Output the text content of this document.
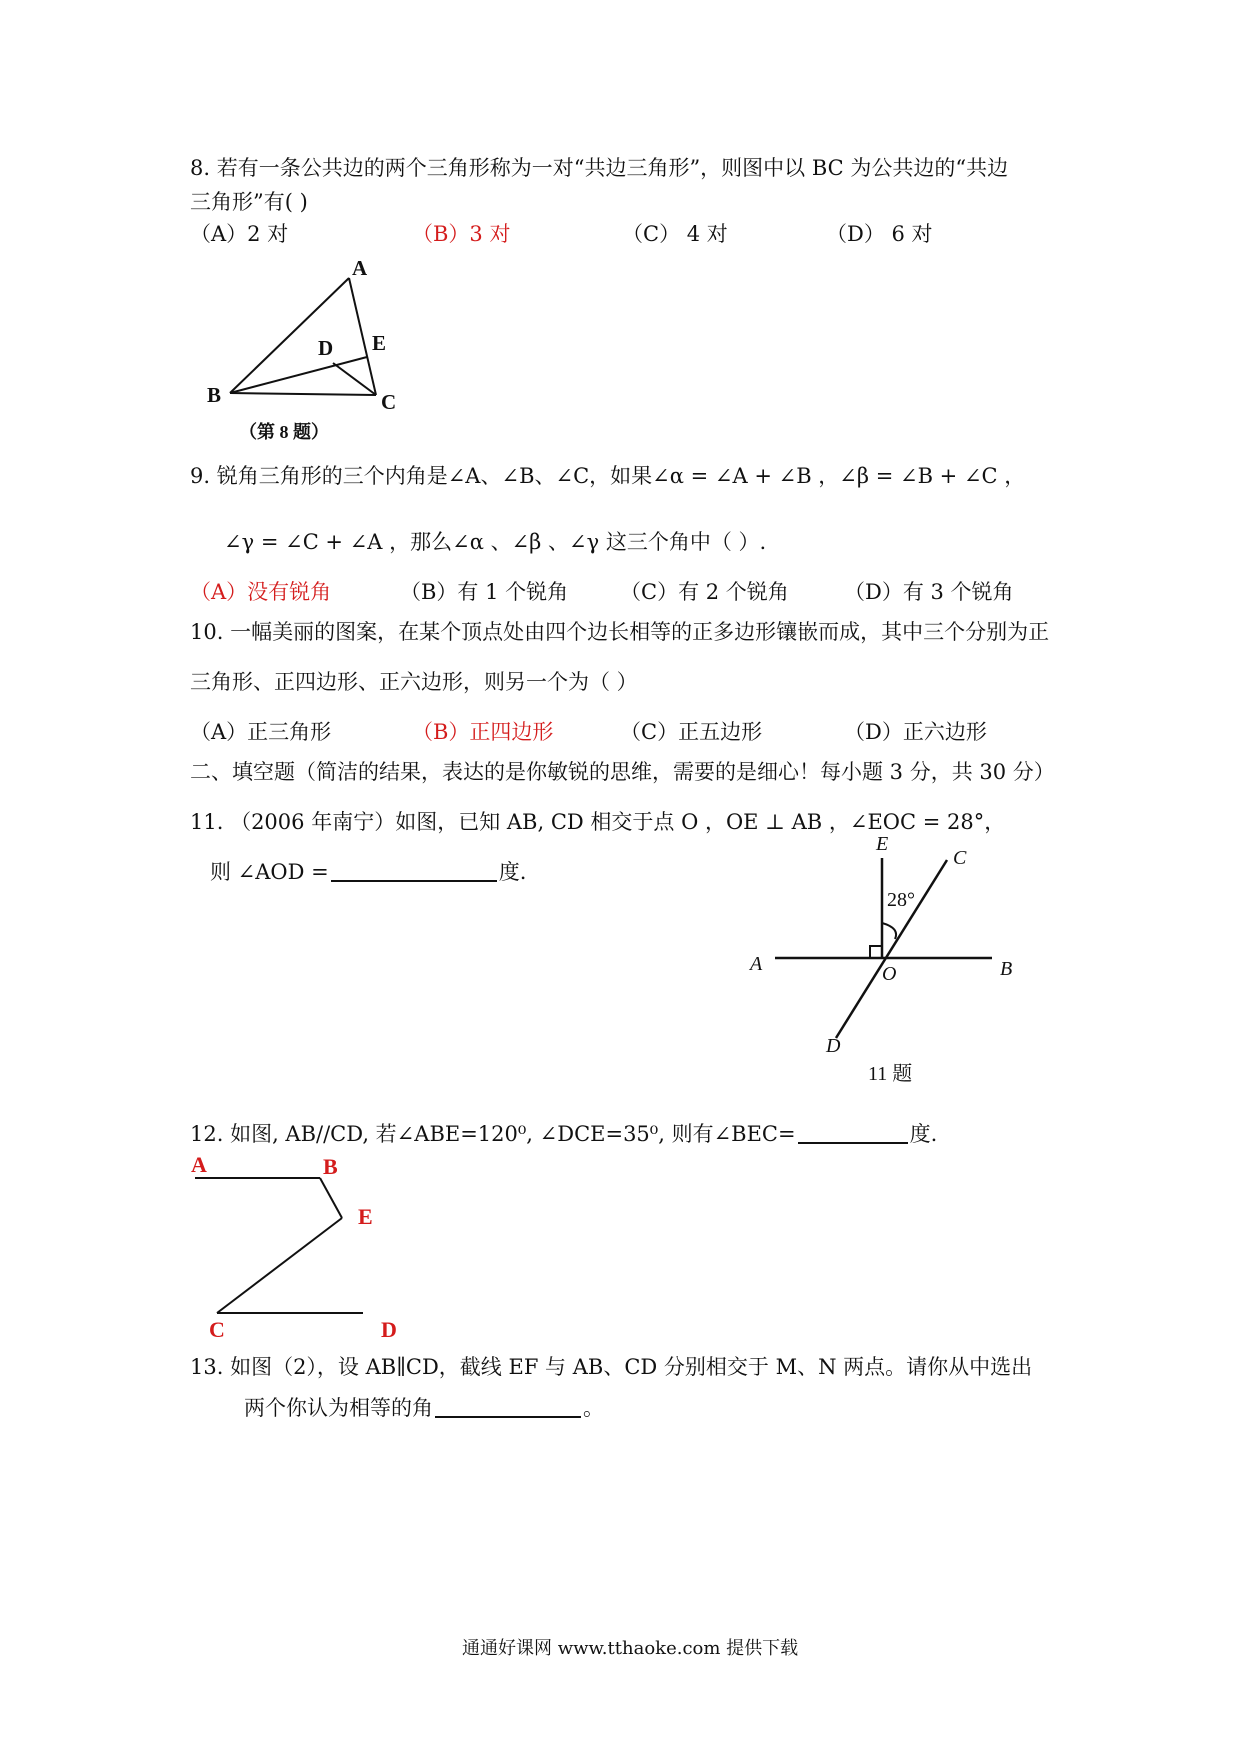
8. 若有一条公共边的两个三角形称为一对“共边三角形”，则图中以 BC 为公共边的“共边
三角形”有( )
（A）2 对	（B）3 对	（C） 4 对	（D） 6 对
A
B	C
D E
（第 8 题）
9. 锐角三角形的三个内角是∠A、∠B、∠C，如果∠α = ∠A + ∠B ，∠β = ∠B + ∠C ，
∠γ = ∠C + ∠A ，那么∠α 、∠β 、∠γ 这三个角中（ ）.
（A）没有锐角	（B）有 1 个锐角 （C）有 2 个锐角	（D）有 3 个锐角
10. 一幅美丽的图案，在某个顶点处由四个边长相等的正多边形镶嵌而成，其中三个分别为正
三角形、正四边形、正六边形，则另一个为（ ）
（A）正三角形	（B）正四边形	（C）正五边形	（D）正六边形
二、填空题（简洁的结果，表达的是你敏锐的思维，需要的是细心！每小题 3 分，共 30 分）
11. （2006 年南宁）如图，已知 AB, CD 相交于点 O ，OE ⊥ AB ，∠EOC = 28°，
则 ∠AOD =	度.
E
C
A	O	B
D
28°
11 题
12. 如图, AB//CD, 若∠ABE=120⁰, ∠DCE=35⁰, 则有∠BEC=	度.
A	B
E
C	D
13. 如图（2），设 AB∥CD，截线 EF 与 AB、CD 分别相交于 M、N 两点。请你从中选出
两个你认为相等的角	。
通通好课网 www.tthaoke.com 提供下载
